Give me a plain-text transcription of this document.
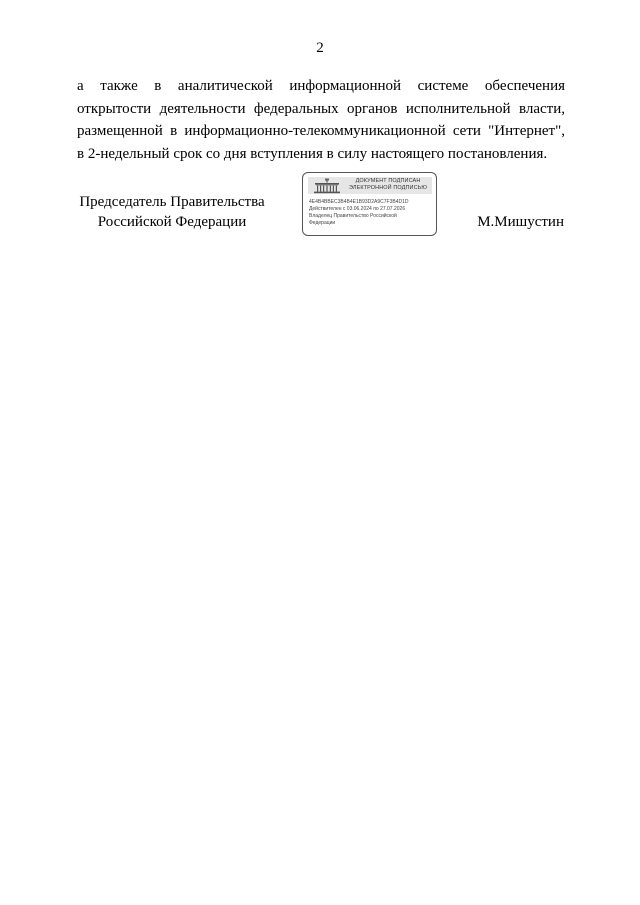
2
а также в аналитической информационной системе обеспечения
открытости деятельности федеральных органов исполнительной власти,
размещенной в информационно-телекоммуникационной сети "Интернет",
в 2-недельный срок со дня вступления в силу настоящего постановления.
Председатель Правительства
Российской Федерации
ДОКУМЕНТ ПОДПИСАН
ЭЛЕКТРОННОЙ ПОДПИСЬЮ
4E4B4BBEC3B4B4E1B93D2A9C7F3B4D1D
Действителен с 03.06.2024 по 27.07.2026
Владелец Правительство Российской
Федерации	М.Мишустин
